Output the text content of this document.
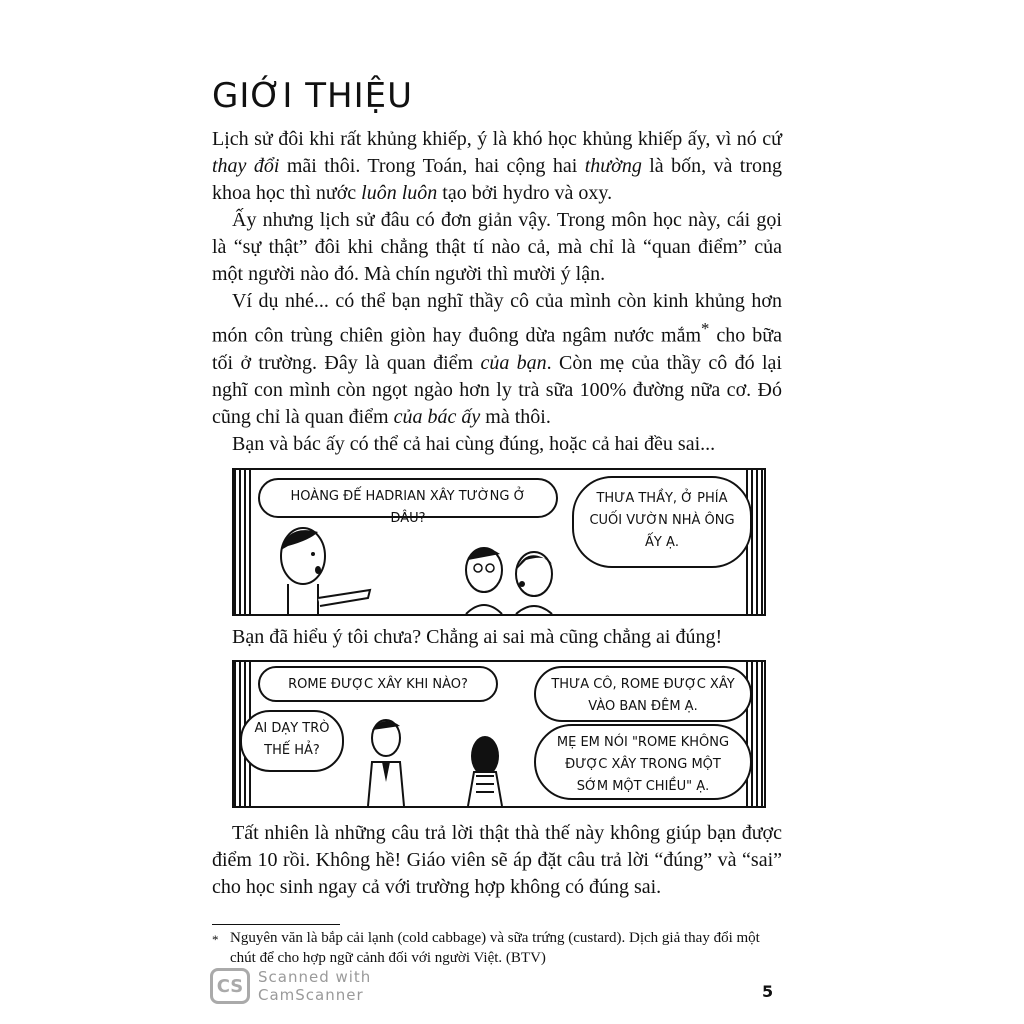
GIỚI THIỆU

Lịch sử đôi khi rất khủng khiếp, ý là khó học khủng khiếp ấy, vì nó cứ thay đổi mãi thôi. Trong Toán, hai cộng hai thường là bốn, và trong khoa học thì nước luôn luôn tạo bởi hydro và oxy.

Ấy nhưng lịch sử đâu có đơn giản vậy. Trong môn học này, cái gọi là “sự thật” đôi khi chẳng thật tí nào cả, mà chỉ là “quan điểm” của một người nào đó. Mà chín người thì mười ý lận.

Ví dụ nhé... có thể bạn nghĩ thầy cô của mình còn kinh khủng hơn món côn trùng chiên giòn hay đuông dừa ngâm nước mắm* cho bữa tối ở trường. Đây là quan điểm của bạn. Còn mẹ của thầy cô đó lại nghĩ con mình còn ngọt ngào hơn ly trà sữa 100% đường nữa cơ. Đó cũng chỉ là quan điểm của bác ấy mà thôi.

Bạn và bác ấy có thể cả hai cùng đúng, hoặc cả hai đều sai...

HOÀNG ĐẾ HADRIAN XÂY TƯỜNG Ở ĐÂU?
THƯA THẦY, Ở PHÍA CUỐI VƯỜN NHÀ ÔNG ẤY Ạ.
Bạn đã hiểu ý tôi chưa? Chẳng ai sai mà cũng chẳng ai đúng!
ROME ĐƯỢC XÂY KHI NÀO?	THƯA CÔ, ROME ĐƯỢC XÂY VÀO BAN ĐÊM Ạ.
AI DẠY TRÒ THẾ HẢ?
MẸ EM NÓI "ROME KHÔNG ĐƯỢC XÂY TRONG MỘT SỚM MỘT CHIỀU" Ạ.

Tất nhiên là những câu trả lời thật thà thế này không giúp bạn được điểm 10 rồi. Không hề! Giáo viên sẽ áp đặt câu trả lời “đúng” và “sai” cho học sinh ngay cả với trường hợp không có đúng sai.

* Nguyên văn là bắp cải lạnh (cold cabbage) và sữa trứng (custard). Dịch giả thay đổi một chút để cho hợp ngữ cảnh đối với người Việt. (BTV)
CS Scanned with
CamScanner	5
